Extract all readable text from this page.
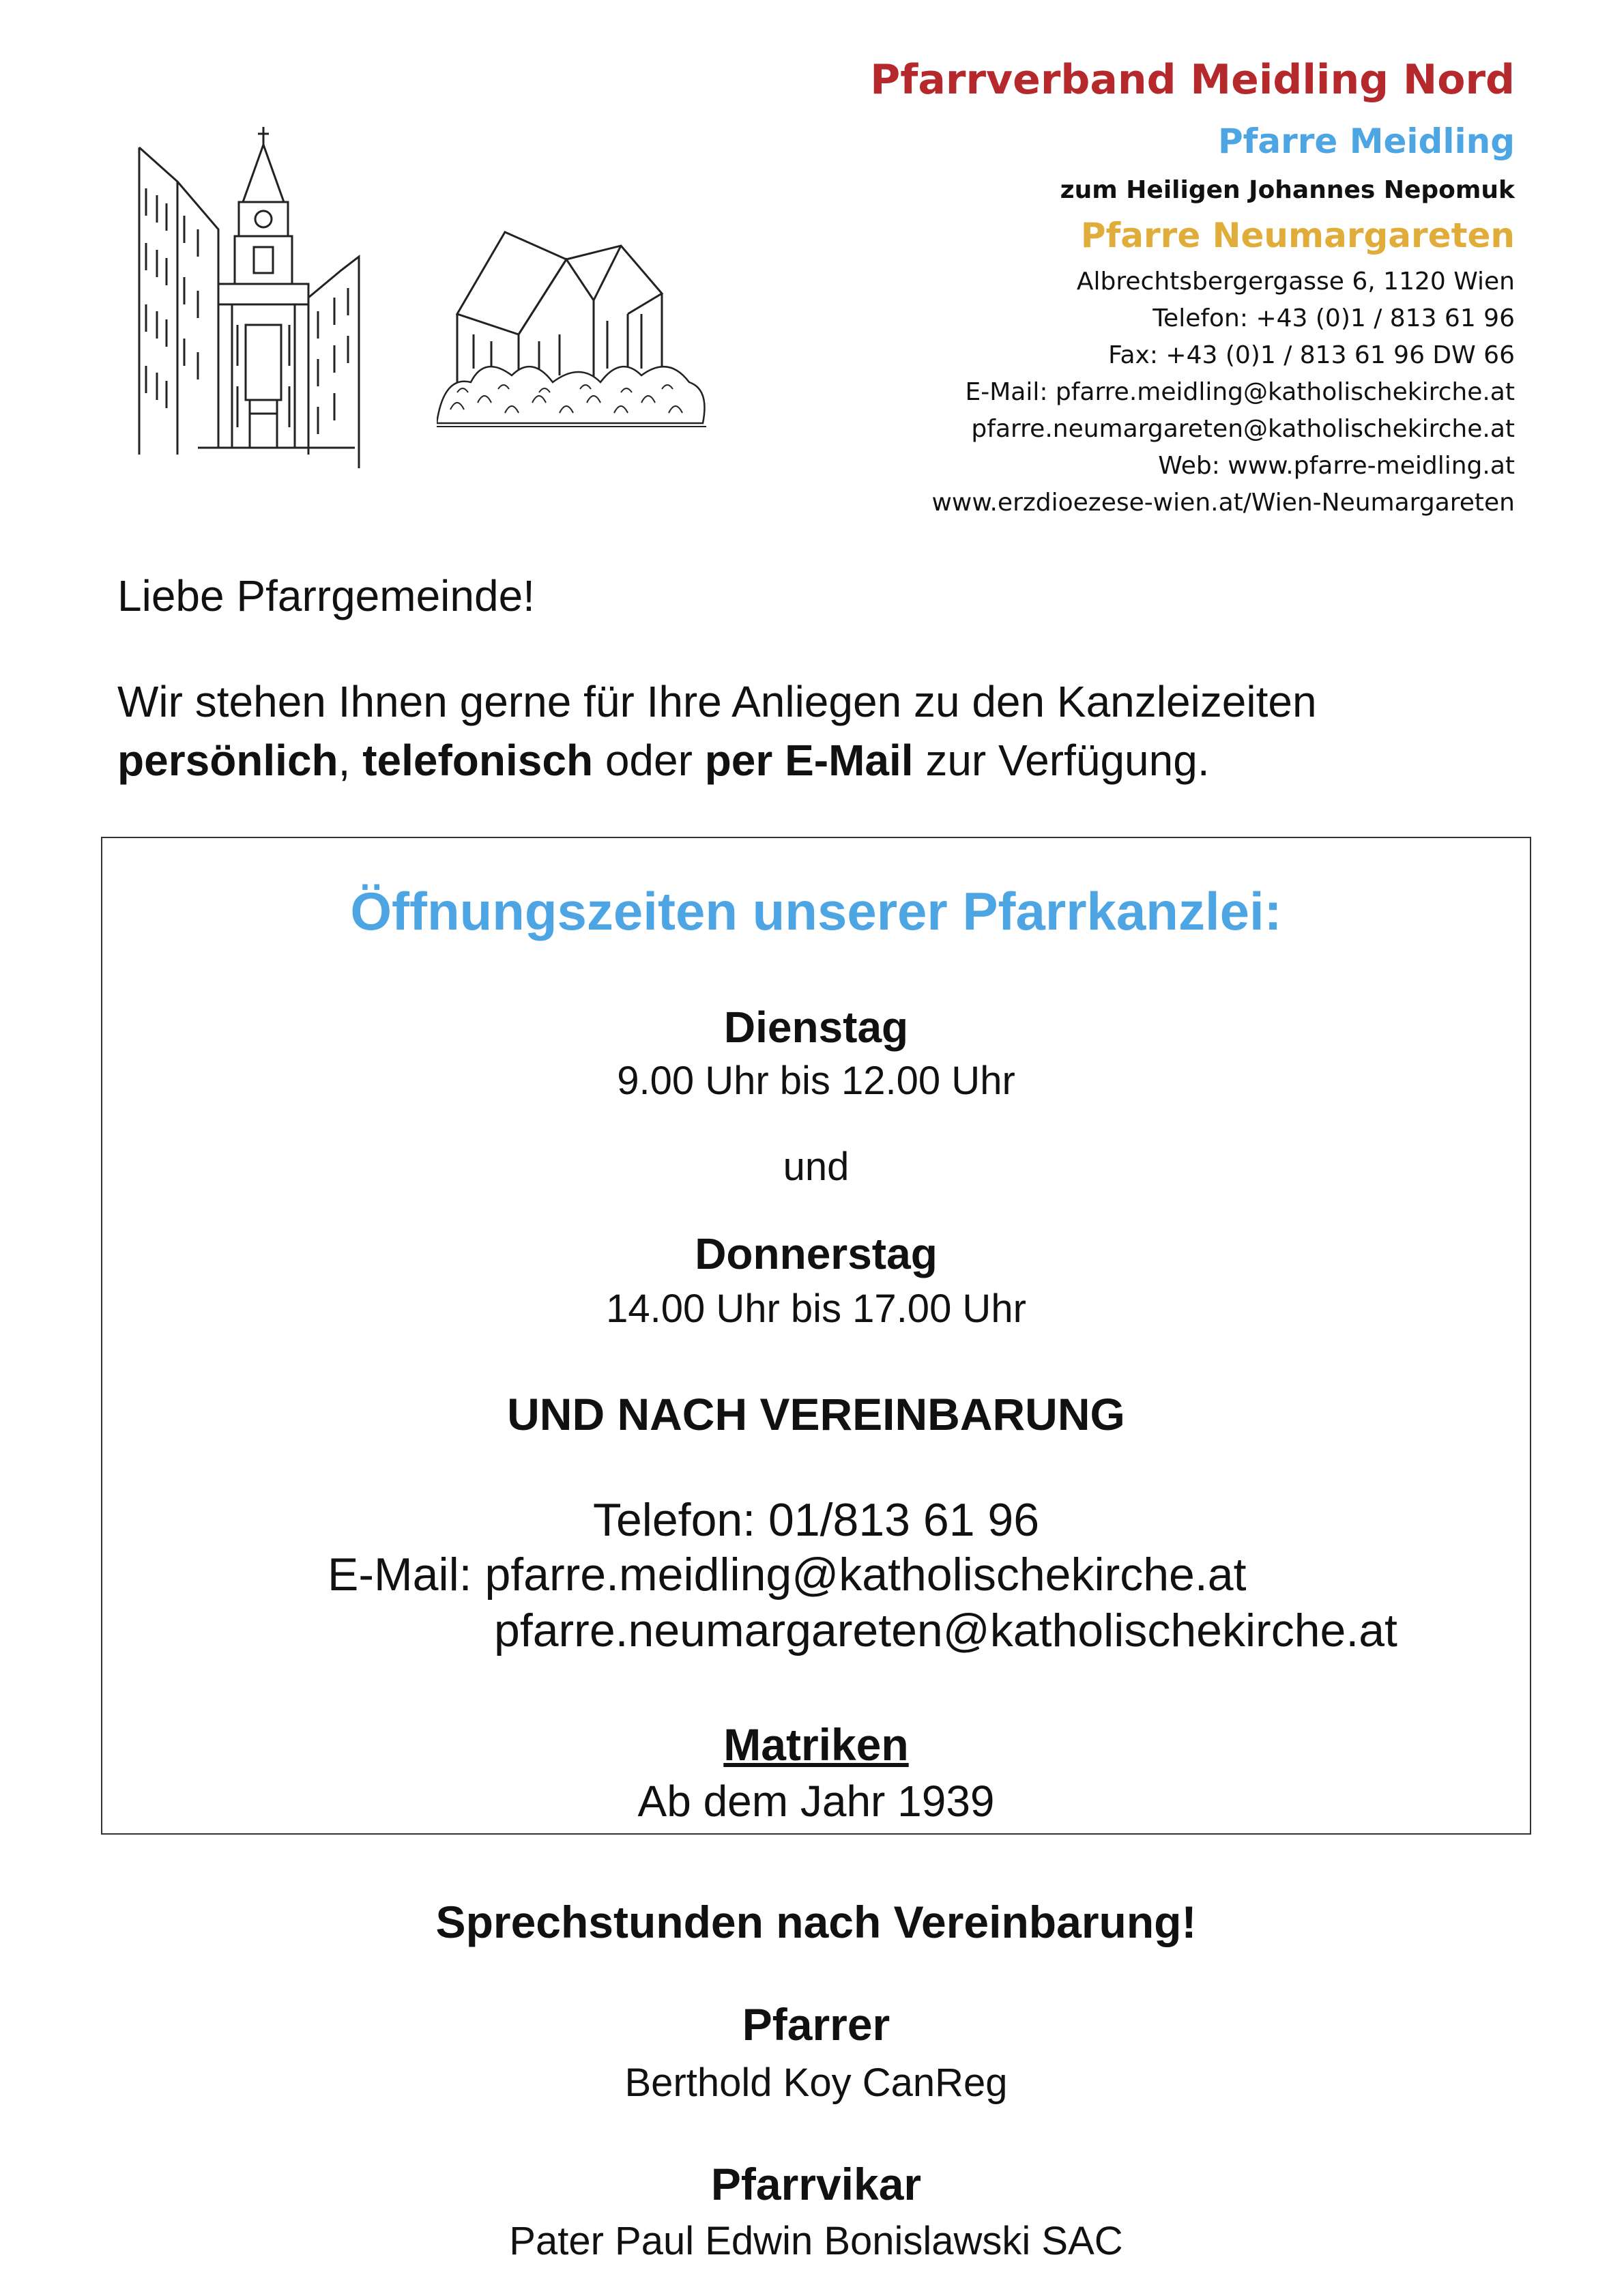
Pfarrverband Meidling Nord
Pfarre Meidling
zum Heiligen Johannes Nepomuk
Pfarre Neumargareten
Albrechtsbergergasse 6, 1120 Wien
Telefon: +43 (0)1 / 813 61 96
Fax: +43 (0)1 / 813 61 96 DW 66
E-Mail: pfarre.meidling@katholischekirche.at
pfarre.neumargareten@katholischekirche.at
Web: www.pfarre-meidling.at
www.erzdioezese-wien.at/Wien-Neumargareten
Liebe Pfarrgemeinde!
Wir stehen Ihnen gerne für Ihre Anliegen zu den Kanzleizeiten
persönlich, telefonisch oder per E-Mail zur Verfügung.
Öffnungszeiten unserer Pfarrkanzlei:
Dienstag
9.00 Uhr bis 12.00 Uhr
und
Donnerstag
14.00 Uhr bis 17.00 Uhr
UND NACH VEREINBARUNG
Telefon: 01/813 61 96
E-Mail: pfarre.meidling@katholischekirche.at
pfarre.neumargareten@katholischekirche.at
Matriken
Ab dem Jahr 1939
Sprechstunden nach Vereinbarung!
Pfarrer
Berthold Koy CanReg
Pfarrvikar
Pater Paul Edwin Bonislawski SAC
